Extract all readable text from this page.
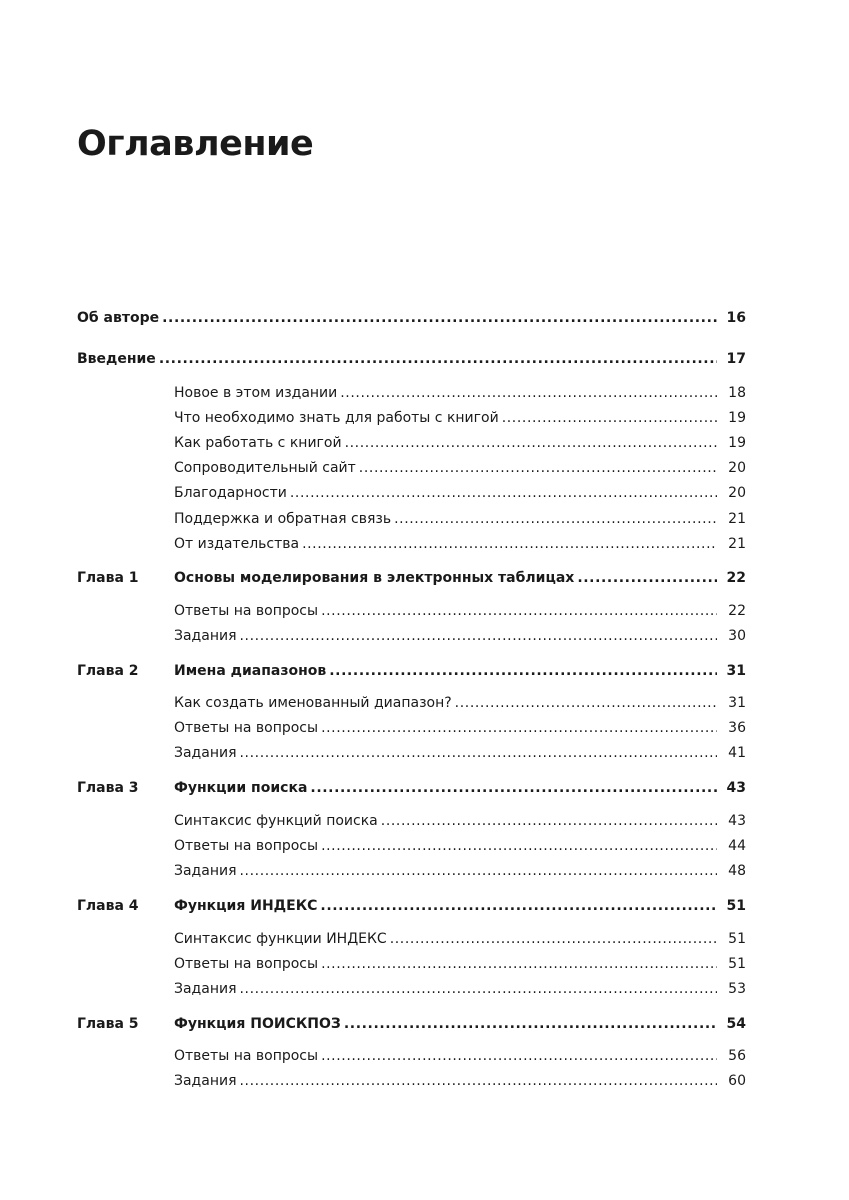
Оглавление
Об авторе .....	16
Введение .....	17
Новое в этом издании .....	18
Что необходимо знать для работы с книгой .....	19
Как работать с книгой .....	19
Сопроводительный сайт .....	20
Благодарности .....	20
Поддержка и обратная связь .....	21
От издательства .....	21
Глава 1	Основы моделирования в электронных таблицах .....	22
Ответы на вопросы .....	22
Задания .....	30
Глава 2	Имена диапазонов .....	31
Как создать именованный диапазон? .....	31
Ответы на вопросы .....	36
Задания .....	41
Глава 3	Функции поиска .....	43
Синтаксис функций поиска .....	43
Ответы на вопросы .....	44
Задания .....	48
Глава 4	Функция ИНДЕКС .....	51
Синтаксис функции ИНДЕКС .....	51
Ответы на вопросы .....	51
Задания .....	53
Глава 5	Функция ПОИСКПОЗ .....	54
Ответы на вопросы .....	56
Задания .....	60
